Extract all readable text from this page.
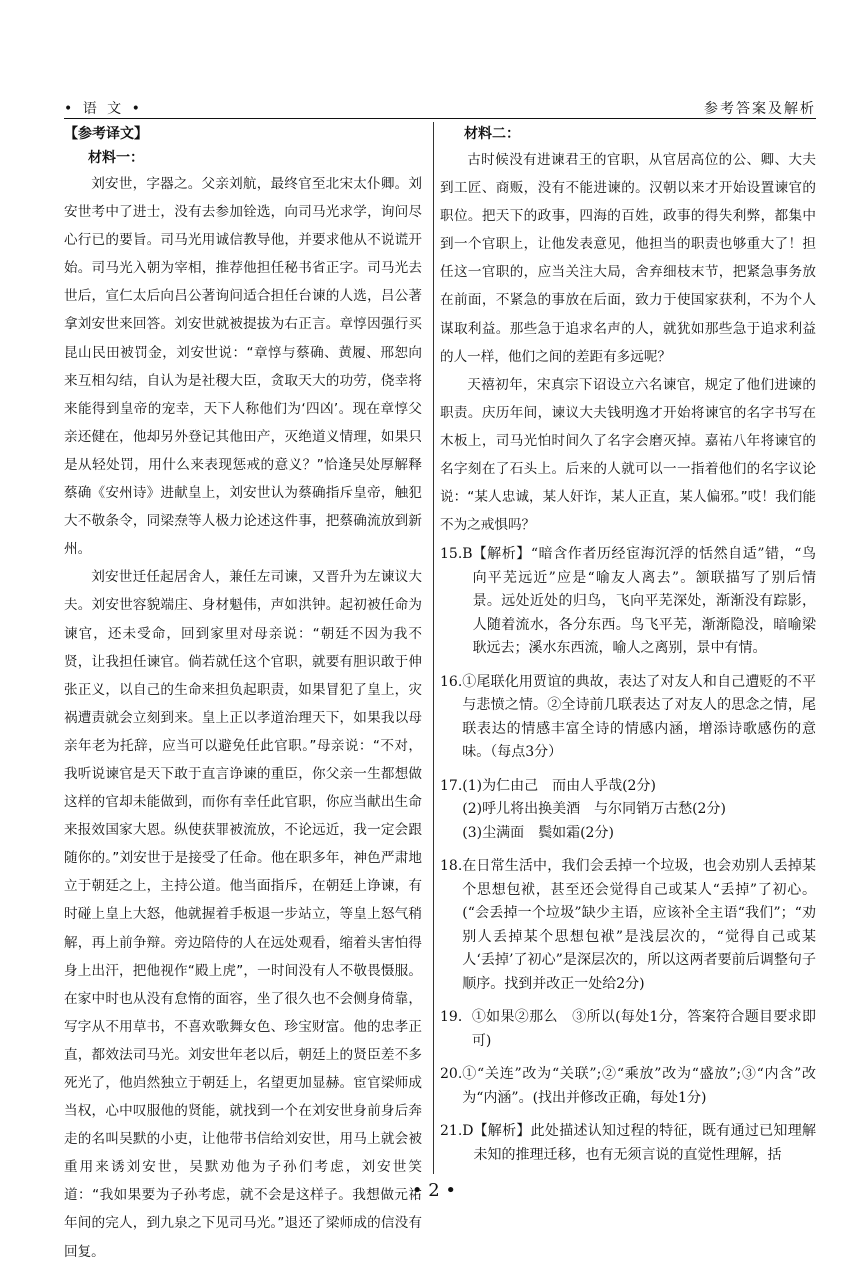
• 语 文 •	参考答案及解析
【参考译文】
材料一：

刘安世，字器之。父亲刘航，最终官至北宋太仆卿。刘安世考中了进士，没有去参加铨选，向司马光求学，询问尽心行已的要旨。司马光用诚信教导他，并要求他从不说谎开始。司马光入朝为宰相，推荐他担任秘书省正字。司马光去世后，宣仁太后向吕公著询问适合担任台谏的人选，吕公著拿刘安世来回答。刘安世就被提拔为右正言。章惇因强行买昆山民田被罚金，刘安世说：“章惇与蔡确、黄履、邢恕向来互相勾结，自认为是社稷大臣，贪取天大的功劳，侥幸将来能得到皇帝的宠幸，天下人称他们为‘四凶’。现在章惇父亲还健在，他却另外登记其他田产，灭绝道义情理，如果只是从轻处罚，用什么来表现惩戒的意义？”恰逢吴处厚解释蔡确《安州诗》进献皇上，刘安世认为蔡确指斥皇帝，触犯大不敬条令，同梁焘等人极力论述这件事，把蔡确流放到新州。

刘安世迁任起居舍人，兼任左司谏，又晋升为左谏议大夫。刘安世容貌端庄、身材魁伟，声如洪钟。起初被任命为谏官，还未受命，回到家里对母亲说：“朝廷不因为我不贤，让我担任谏官。倘若就任这个官职，就要有胆识敢于伸张正义，以自己的生命来担负起职责，如果冒犯了皇上，灾祸遭责就会立刻到来。皇上正以孝道治理天下，如果我以母亲年老为托辞，应当可以避免任此官职。”母亲说：“不对，我听说谏官是天下敢于直言诤谏的重臣，你父亲一生都想做这样的官却未能做到，而你有幸任此官职，你应当献出生命来报效国家大恩。纵使获罪被流放，不论远近，我一定会跟随你的。”刘安世于是接受了任命。他在职多年，神色严肃地立于朝廷之上，主持公道。他当面指斥，在朝廷上诤谏，有时碰上皇上大怒，他就握着手板退一步站立，等皇上怒气稍解，再上前争辩。旁边陪侍的人在远处观看，缩着头害怕得身上出汗，把他视作“殿上虎”，一时间没有人不敬畏慑服。在家中时也从没有怠惰的面容，坐了很久也不会侧身倚靠，写字从不用草书，不喜欢歌舞女色、珍宝财富。他的忠孝正直，都效法司马光。刘安世年老以后，朝廷上的贤臣差不多死光了，他岿然独立于朝廷上，名望更加显赫。宦官梁师成当权，心中叹服他的贤能，就找到一个在刘安世身前身后奔走的名叫吴默的小吏，让他带书信给刘安世，用马上就会被重用来诱刘安世，吴默劝他为子孙们考虑，刘安世笑道：“我如果要为子孙考虑，就不会是这样子。我想做元祐年间的完人，到九泉之下见司马光。”退还了梁师成的信没有回复。

材料二：

古时候没有进谏君王的官职，从官居高位的公、卿、大夫到工匠、商贩，没有不能进谏的。汉朝以来才开始设置谏官的职位。把天下的政事，四海的百姓，政事的得失利弊，都集中到一个官职上，让他发表意见，他担当的职责也够重大了！担任这一官职的，应当关注大局，舍弃细枝末节，把紧急事务放在前面，不紧急的事放在后面，致力于使国家获利，不为个人谋取利益。那些急于追求名声的人，就犹如那些急于追求利益的人一样，他们之间的差距有多远呢？

天禧初年，宋真宗下诏设立六名谏官，规定了他们进谏的职责。庆历年间，谏议大夫钱明逸才开始将谏官的名字书写在木板上，司马光怕时间久了名字会磨灭掉。嘉祐八年将谏官的名字刻在了石头上。后来的人就可以一一指着他们的名字议论说：“某人忠诚，某人奸诈，某人正直，某人偏邪。”哎！我们能不为之戒惧吗？

15.B 【解析】“暗含作者历经宦海沉浮的恬然自适”错，“鸟向平芜远近”应是“喻友人离去”。颔联描写了别后情景。远处近处的归鸟，飞向平芜深处，渐渐没有踪影，人随着流水，各分东西。鸟飞平芜，渐渐隐没，暗喻梁耿远去；溪水东西流，喻人之离别，景中有情。
16. ①尾联化用贾谊的典故，表达了对友人和自己遭贬的不平与悲愤之情。②全诗前几联表达了对友人的思念之情，尾联表达的情感丰富全诗的情感内涵，增添诗歌感伤的意味。（每点3分）
17. (1)为仁由己　而由人乎哉(2分)
(2)呼儿将出换美酒　与尔同销万古愁(2分)
(3)尘满面　鬓如霜(2分)
18. 在日常生活中，我们会丢掉一个垃圾，也会劝别人丢掉某个思想包袱，甚至还会觉得自己或某人“丢掉”了初心。(“会丢掉一个垃圾”缺少主语，应该补全主语“我们”；“劝别人丢掉某个思想包袱”是浅层次的，“觉得自己或某人‘丢掉’了初心”是深层次的，所以这两者要前后调整句子顺序。找到并改正一处给2分)
19． ①如果②那么　③所以(每处1分，答案符合题目要求即可)
20. ①“关连”改为“关联”;②“乘放”改为“盛放”;③“内含”改为“内涵”。(找出并修改正确，每处1分)
21.D 【解析】此处描述认知过程的特征，既有通过已知理解未知的推理迁移，也有无须言说的直觉性理解，括
• 2 •
